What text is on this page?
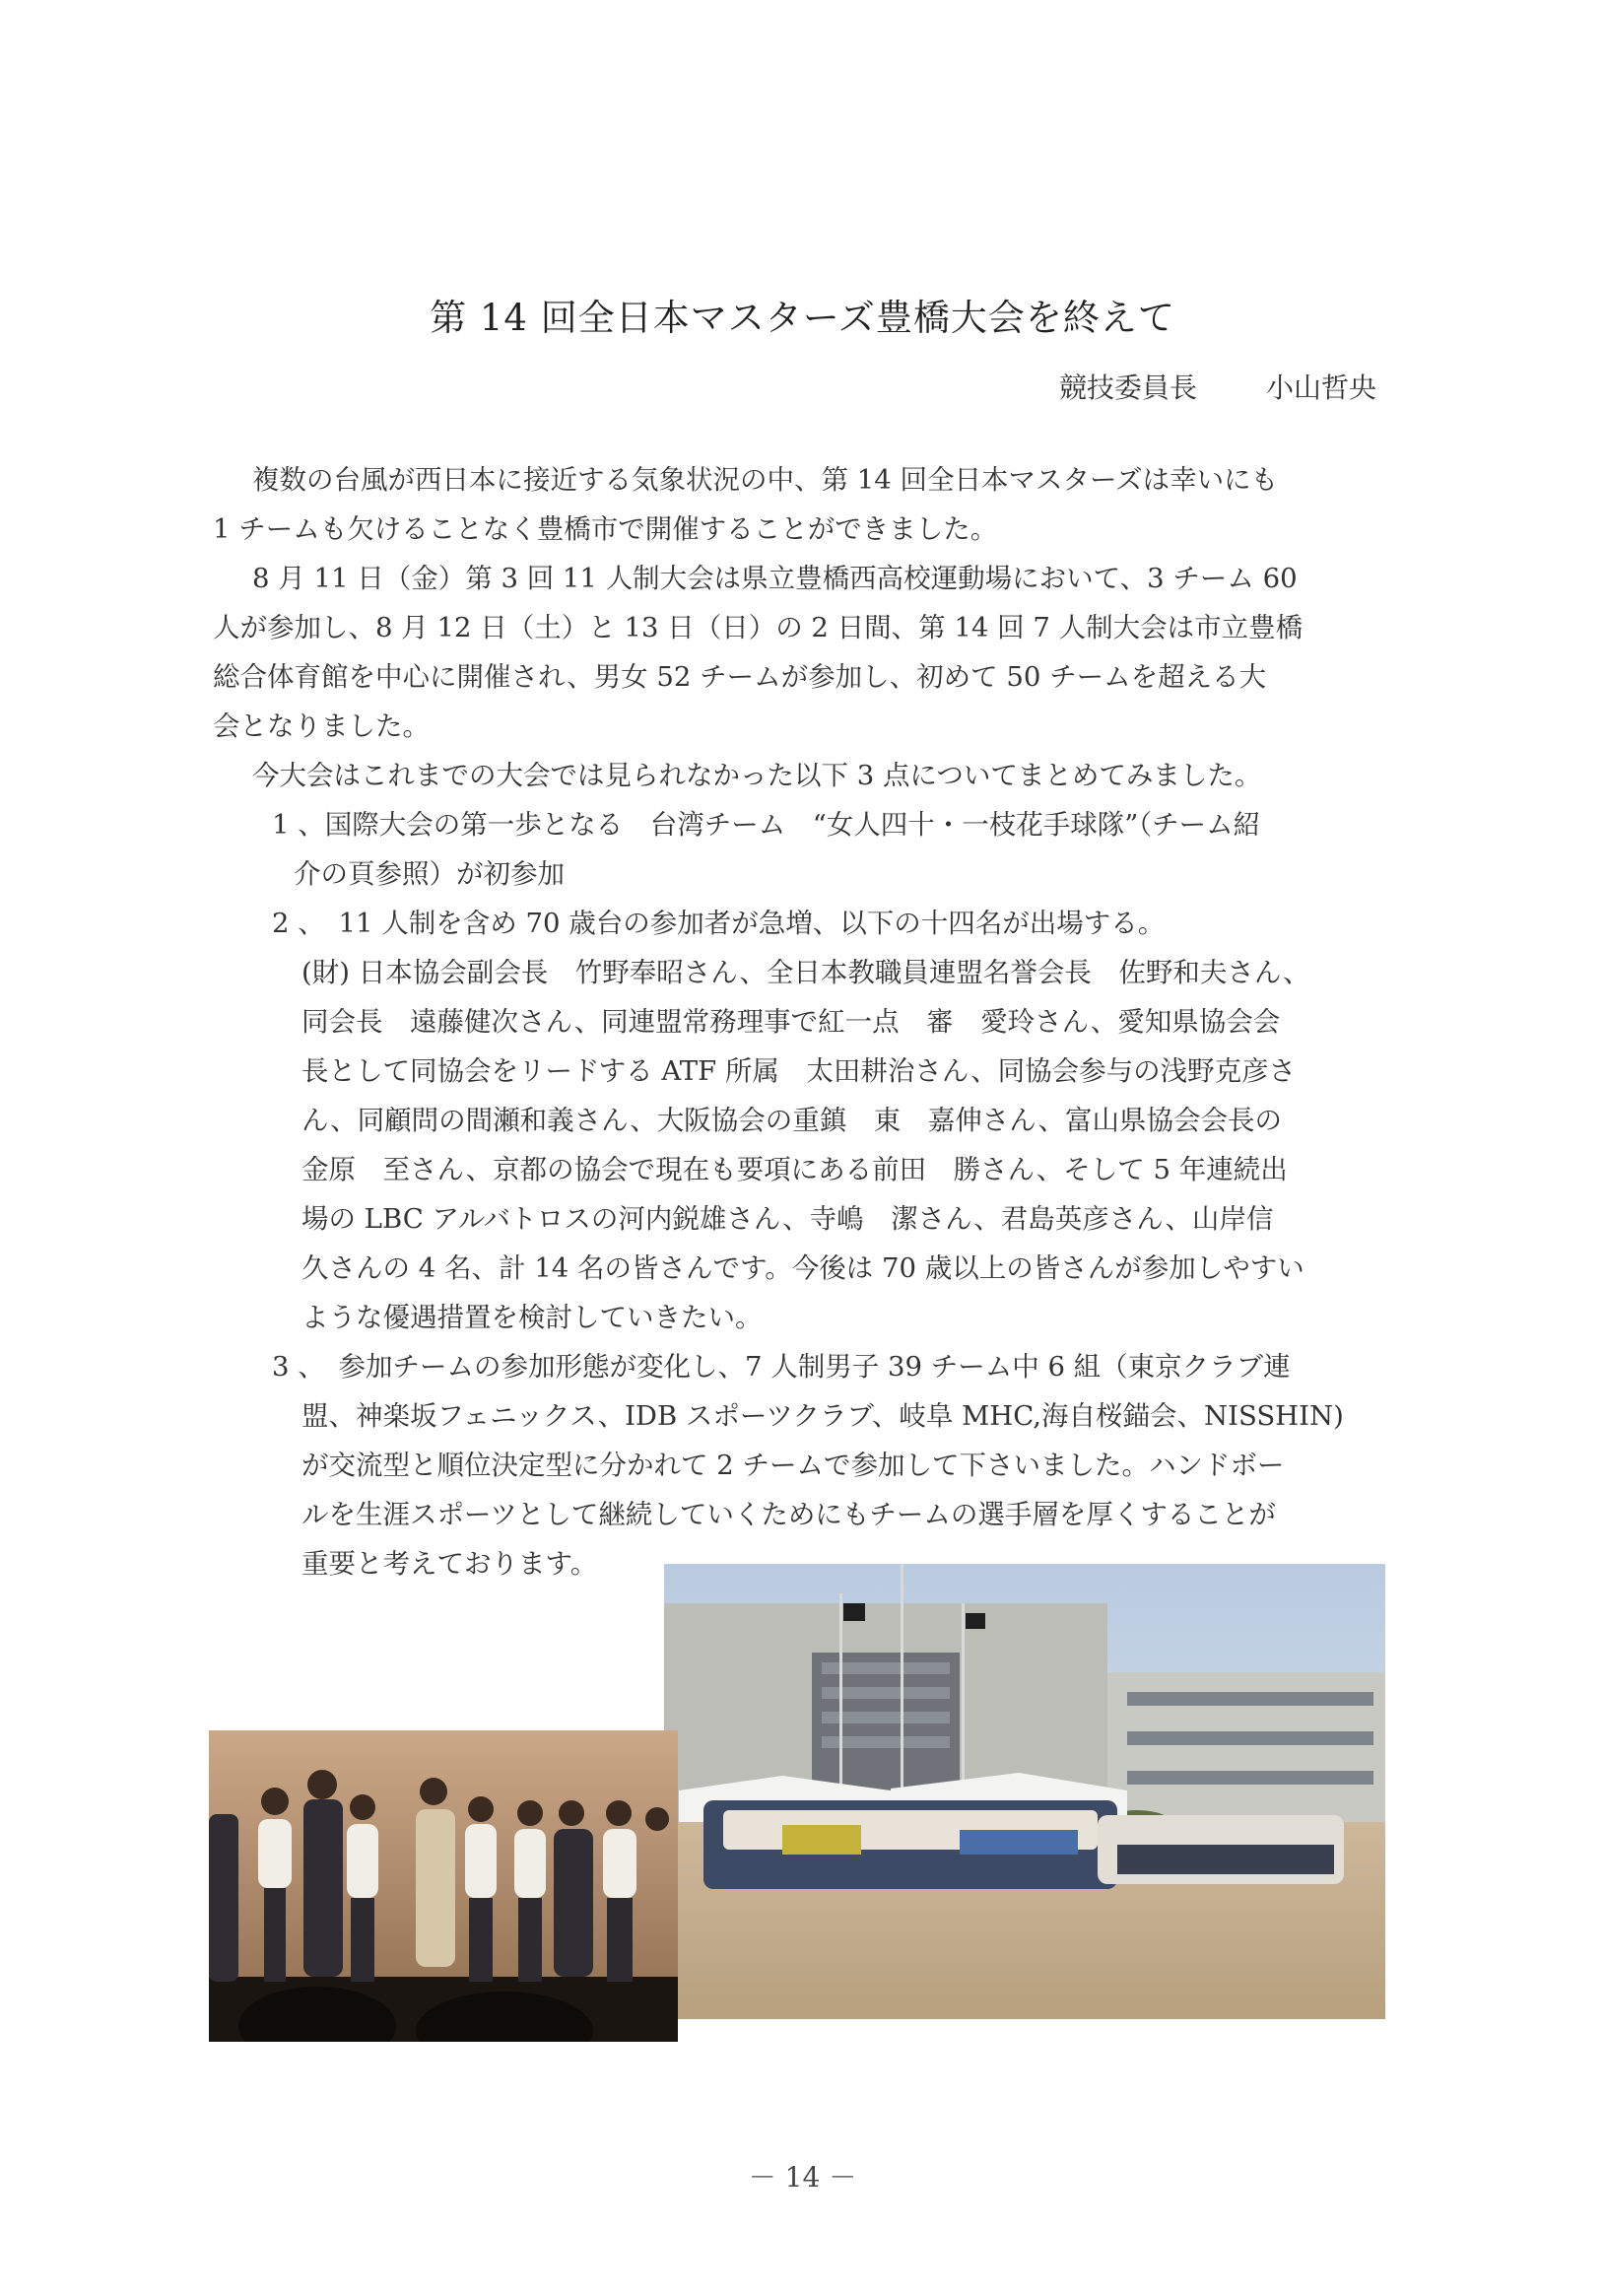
第 14 回全日本マスターズ豊橋大会を終えて
競技委員長	小山哲央
複数の台風が西日本に接近する気象状況の中、第 14 回全日本マスターズは幸いにも
1 チームも欠けることなく豊橋市で開催することができました。
8 月 11 日（金）第 3 回 11 人制大会は県立豊橋西高校運動場において、3 チーム 60
人が参加し、8 月 12 日（土）と 13 日（日）の 2 日間、第 14 回 7 人制大会は市立豊橋
総合体育館を中心に開催され、男女 52 チームが参加し、初めて 50 チームを超える大
会となりました。
今大会はこれまでの大会では見られなかった以下 3 点についてまとめてみました。
1 、国際大会の第一歩となる　台湾チーム　“女人四十・一枝花手球隊”（チーム紹
介の頁参照）が初参加
2 、　11 人制を含め 70 歳台の参加者が急増、以下の十四名が出場する。
(財) 日本協会副会長　竹野奉昭さん、全日本教職員連盟名誉会長　佐野和夫さん、
同会長　遠藤健次さん、同連盟常務理事で紅一点　審　愛玲さん、愛知県協会会
長として同協会をリードする ATF 所属　太田耕治さん、同協会参与の浅野克彦さ
ん、同顧問の間瀬和義さん、大阪協会の重鎮　東　嘉伸さん、富山県協会会長の
金原　至さん、京都の協会で現在も要項にある前田　勝さん、そして 5 年連続出
場の LBC アルバトロスの河内鋭雄さん、寺嶋　潔さん、君島英彦さん、山岸信
久さんの 4 名、計 14 名の皆さんです。今後は 70 歳以上の皆さんが参加しやすい
ような優遇措置を検討していきたい。
3 、　参加チームの参加形態が変化し、7 人制男子 39 チーム中 6 組（東京クラブ連
盟、神楽坂フェニックス、IDB スポーツクラブ、岐阜 MHC,海自桜錨会、NISSHIN)
が交流型と順位決定型に分かれて 2 チームで参加して下さいました。ハンドボー
ルを生涯スポーツとして継続していくためにもチームの選手層を厚くすることが
重要と考えております。
－ 14 －
